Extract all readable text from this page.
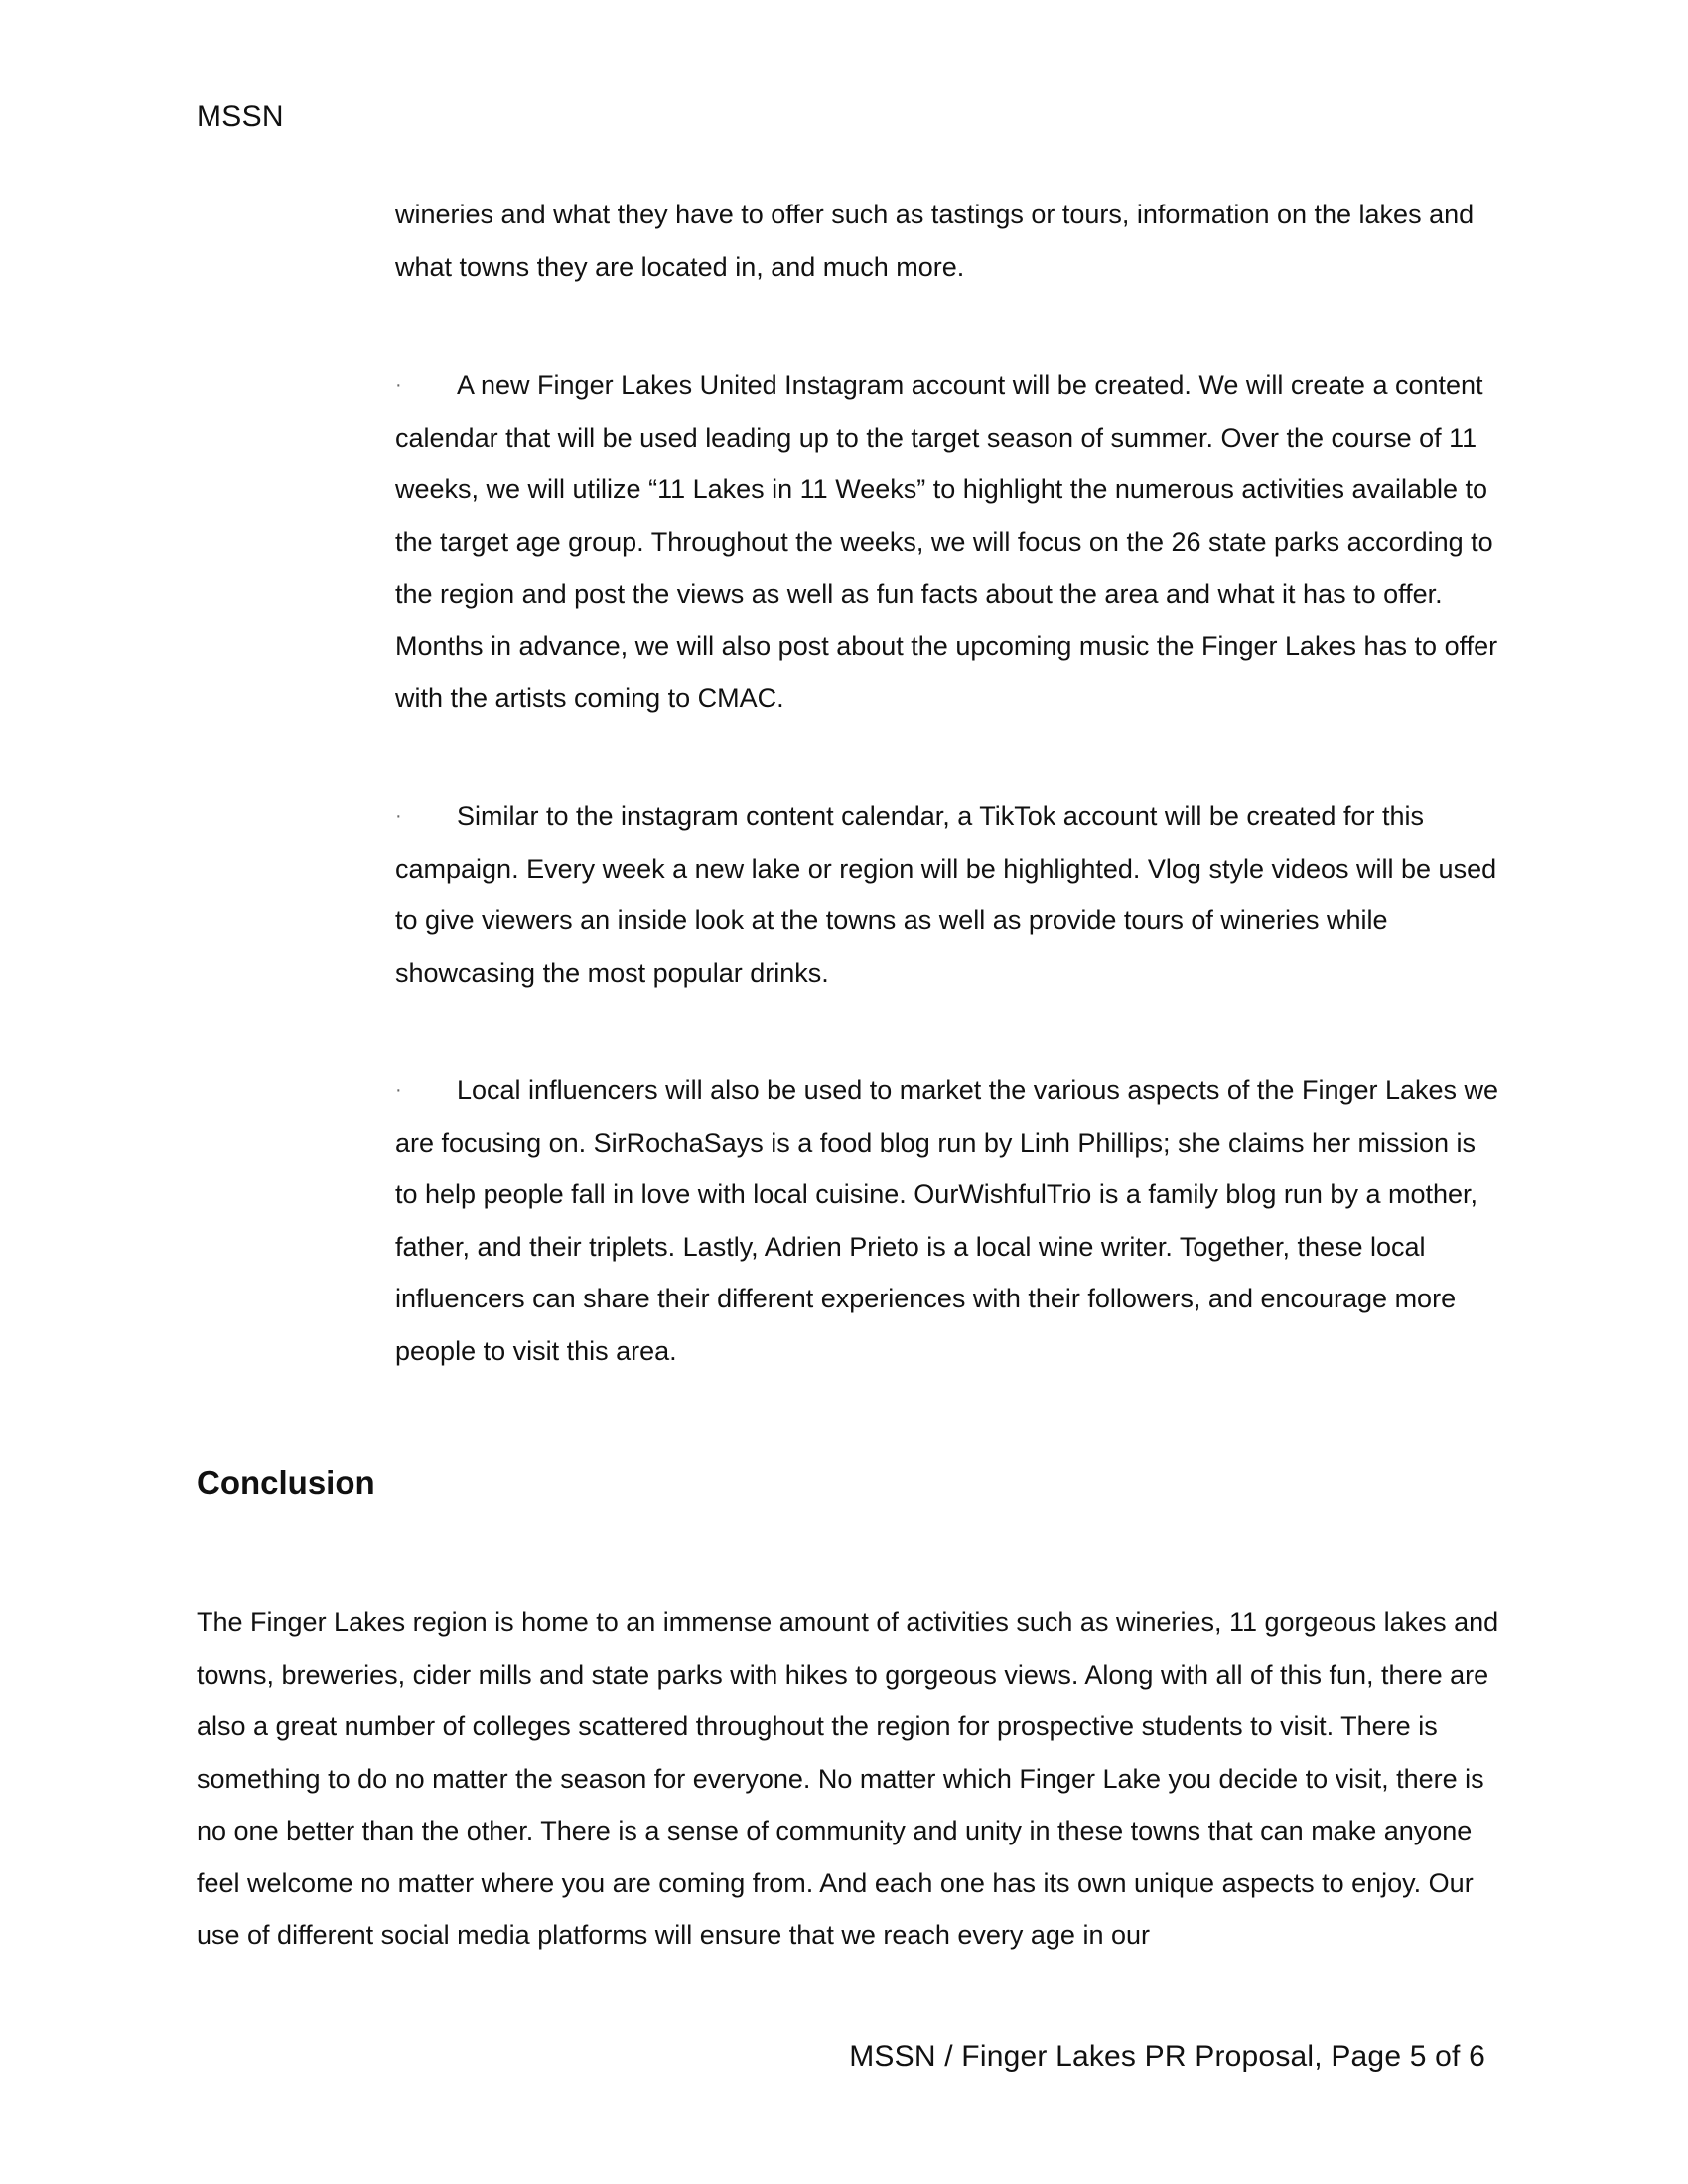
MSSN
wineries and what they have to offer such as tastings or tours, information on the lakes and what towns they are located in, and much more.
· A new Finger Lakes United Instagram account will be created. We will create a content calendar that will be used leading up to the target season of summer. Over the course of 11 weeks, we will utilize “11 Lakes in 11 Weeks” to highlight the numerous activities available to the target age group. Throughout the weeks, we will focus on the 26 state parks according to the region and post the views as well as fun facts about the area and what it has to offer. Months in advance, we will also post about the upcoming music the Finger Lakes has to offer with the artists coming to CMAC.
· Similar to the instagram content calendar, a TikTok account will be created for this campaign. Every week a new lake or region will be highlighted. Vlog style videos will be used to give viewers an inside look at the towns as well as provide tours of wineries while showcasing the most popular drinks.
· Local influencers will also be used to market the various aspects of the Finger Lakes we are focusing on. SirRochaSays is a food blog run by Linh Phillips; she claims her mission is to help people fall in love with local cuisine. OurWishfulTrio is a family blog run by a mother, father, and their triplets. Lastly, Adrien Prieto is a local wine writer. Together, these local influencers can share their different experiences with their followers, and encourage more people to visit this area.
Conclusion
The Finger Lakes region is home to an immense amount of activities such as wineries, 11 gorgeous lakes and towns, breweries, cider mills and state parks with hikes to gorgeous views. Along with all of this fun, there are also a great number of colleges scattered throughout the region for prospective students to visit. There is something to do no matter the season for everyone. No matter which Finger Lake you decide to visit, there is no one better than the other. There is a sense of community and unity in these towns that can make anyone feel welcome no matter where you are coming from. And each one has its own unique aspects to enjoy. Our use of different social media platforms will ensure that we reach every age in our
MSSN / Finger Lakes PR Proposal, Page 5 of 6
